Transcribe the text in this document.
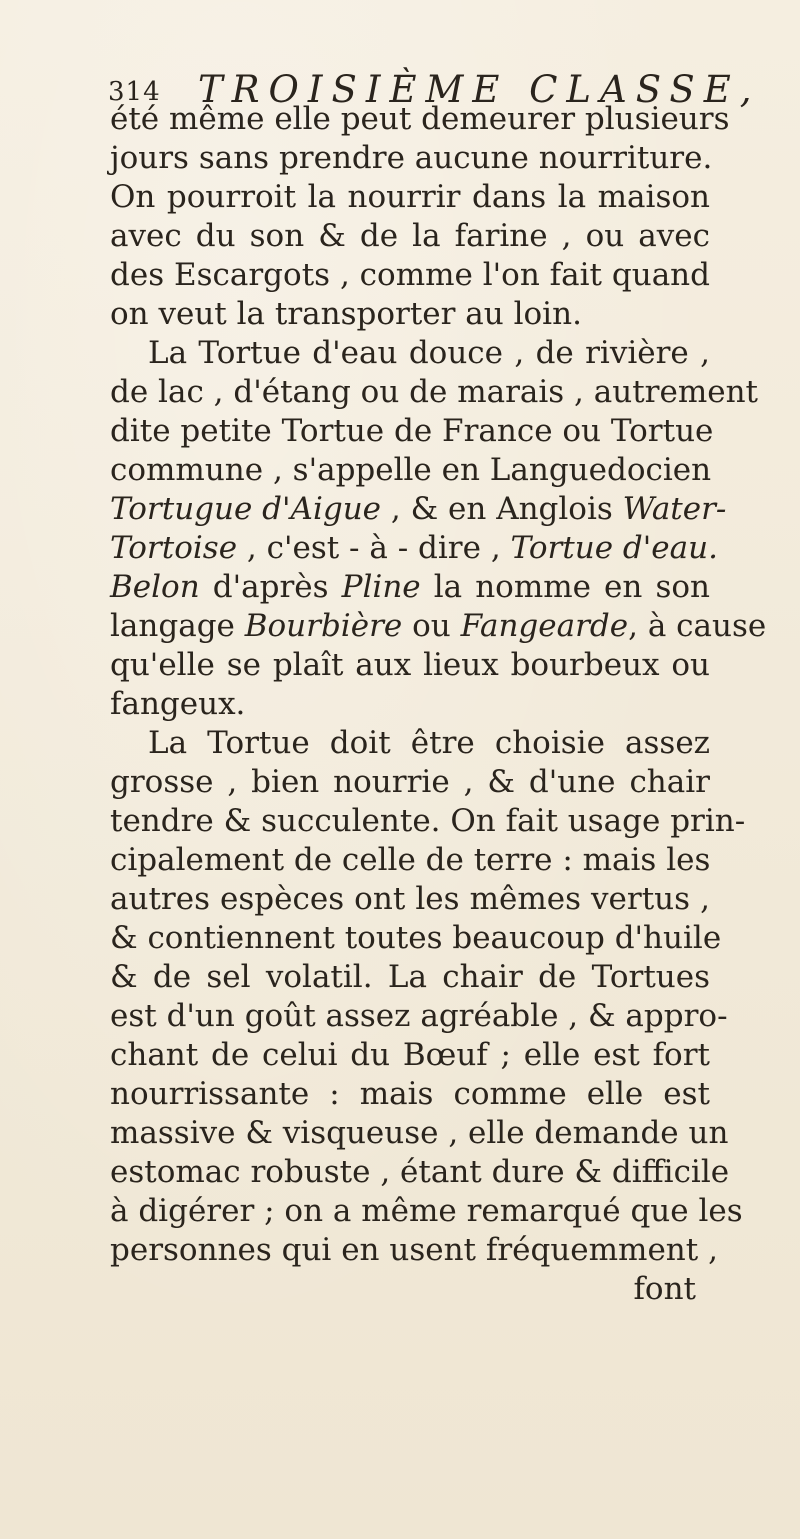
314 TROISIÈME CLASSE,
été même elle peut demeurer plusieurs
jours sans prendre aucune nourriture.
On pourroit la nourrir dans la maison
avec du son & de la farine , ou avec
des Escargots , comme l'on fait quand
on veut la transporter au loin.
La Tortue d'eau douce , de rivière ,
de lac , d'étang ou de marais , autrement
dite petite Tortue de France ou Tortue
commune , s'appelle en Languedocien
Tortugue d'Aigue , & en Anglois Water-
Tortoise , c'est - à - dire , Tortue d'eau.
Belon d'après Pline la nomme en son
langage Bourbière ou Fangearde, à cause
qu'elle se plaît aux lieux bourbeux ou
fangeux.
La Tortue doit être choisie assez
grosse , bien nourrie , & d'une chair
tendre & succulente. On fait usage prin-
cipalement de celle de terre : mais les
autres espèces ont les mêmes vertus ,
& contiennent toutes beaucoup d'huile
& de sel volatil. La chair de Tortues
est d'un goût assez agréable , & appro-
chant de celui du Bœuf ; elle est fort
nourrissante : mais comme elle est
massive & visqueuse , elle demande un
estomac robuste , étant dure & difficile
à digérer ; on a même remarqué que les
personnes qui en usent fréquemment ,
font
